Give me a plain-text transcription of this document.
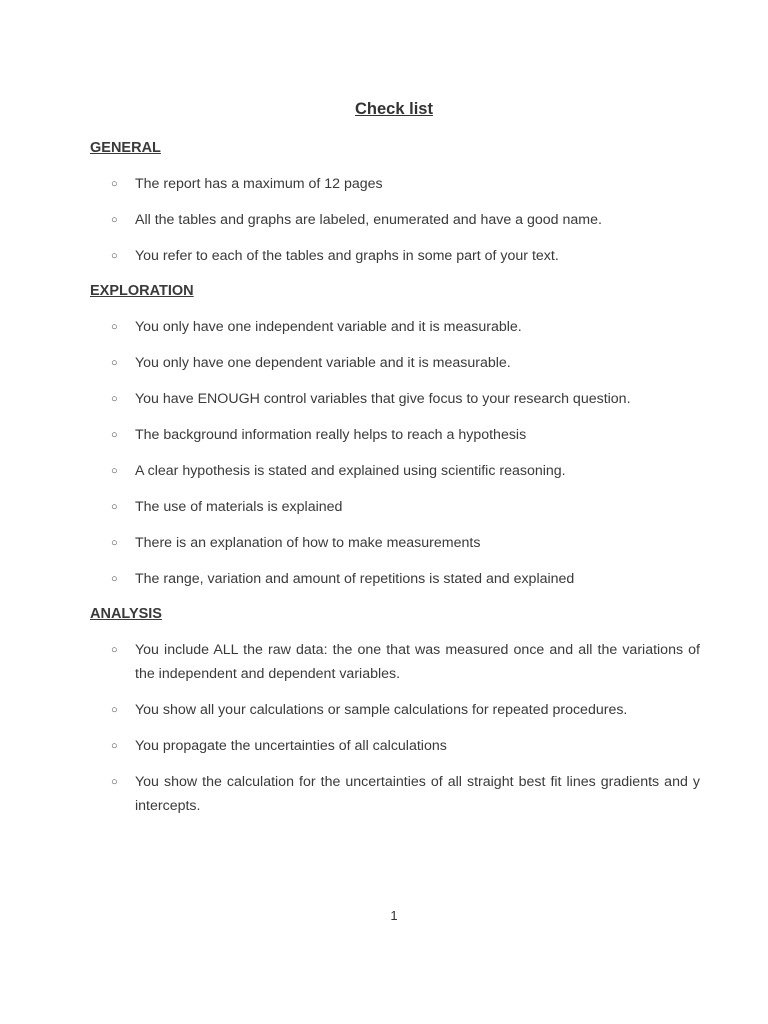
Check list
GENERAL
○ The report has a maximum of 12 pages
○ All the tables and graphs are labeled, enumerated and have a good name.
○ You refer to each of the tables and graphs in some part of your text.
EXPLORATION
○ You only have one independent variable and it is measurable.
○ You only have one dependent variable and it is measurable.
○ You have ENOUGH control variables that give focus to your research question.
○ The background information really helps to reach a hypothesis
○ A clear hypothesis is stated and explained using scientific reasoning.
○ The use of materials is explained
○ There is an explanation of how to make measurements
○ The range, variation and amount of repetitions is stated and explained
ANALYSIS
○ You include ALL the raw data: the one that was measured once and all the variations of the independent and dependent variables.
○ You show all your calculations or sample calculations for repeated procedures.
○ You propagate the uncertainties of all calculations
○ You show the calculation for the uncertainties of all straight best fit lines gradients and y intercepts.
1
